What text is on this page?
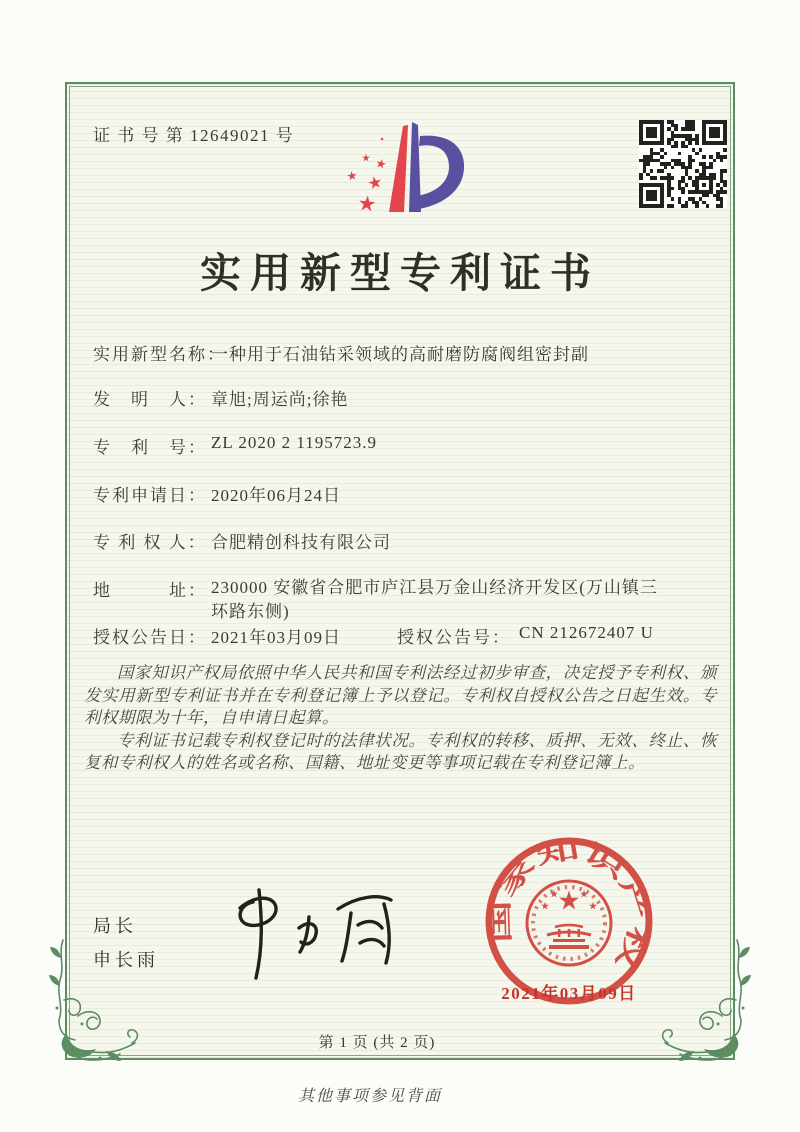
证 书 号 第 12649021 号
实用新型专利证书
实用新型名称：一种用于石油钻采领域的高耐磨防腐阀组密封副
发　明　人： 章旭;周运尚;徐艳
专　利　号： ZL 2020 2 1195723.9
专利申请日： 2020年06月24日
专 利 权 人： 合肥精创科技有限公司
地　　　址： 230000 安徽省合肥市庐江县万金山经济开发区(万山镇三
环路东侧)
授权公告日： 2021年03月09日	授权公告号： CN 212672407 U

国家知识产权局依照中华人民共和国专利法经过初步审查，决定授予专利权、颁发实用新型专利证书并在专利登记簿上予以登记。专利权自授权公告之日起生效。专利权期限为十年，自申请日起算。

专利证书记载专利权登记时的法律状况。专利权的转移、质押、无效、终止、恢复和专利权人的姓名或名称、国籍、地址变更等事项记载在专利登记簿上。

局长
申长雨
国家知识产权局
2021年03月09日
第 1 页 (共 2 页)
其他事项参见背面
